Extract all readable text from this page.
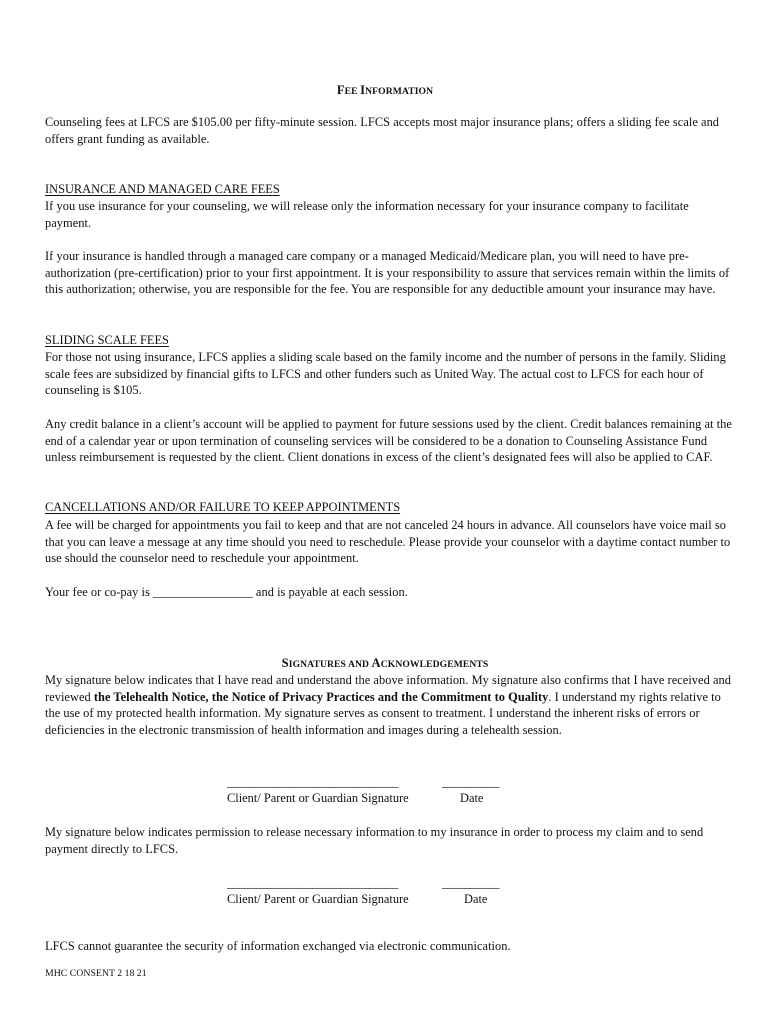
FEE INFORMATION

Counseling fees at LFCS are $105.00 per fifty-minute session. LFCS accepts most major insurance plans; offers a sliding fee scale and offers grant funding as available.

INSURANCE AND MANAGED CARE FEES

If you use insurance for your counseling, we will release only the information necessary for your insurance company to facilitate payment.

If your insurance is handled through a managed care company or a managed Medicaid/Medicare plan, you will need to have pre-authorization (pre-certification) prior to your first appointment. It is your responsibility to assure that services remain within the limits of this authorization; otherwise, you are responsible for the fee. You are responsible for any deductible amount your insurance may have.

SLIDING SCALE FEES

For those not using insurance, LFCS applies a sliding scale based on the family income and the number of persons in the family. Sliding scale fees are subsidized by financial gifts to LFCS and other funders such as United Way. The actual cost to LFCS for each hour of counseling is $105.

Any credit balance in a client’s account will be applied to payment for future sessions used by the client. Credit balances remaining at the end of a calendar year or upon termination of counseling services will be considered to be a donation to Counseling Assistance Fund unless reimbursement is requested by the client. Client donations in excess of the client’s designated fees will also be applied to CAF.

CANCELLATIONS AND/OR FAILURE TO KEEP APPOINTMENTS

A fee will be charged for appointments you fail to keep and that are not canceled 24 hours in advance. All counselors have voice mail so that you can leave a message at any time should you need to reschedule. Please provide your counselor with a daytime contact number to use should the counselor need to reschedule your appointment.

Your fee or co-pay is ________________ and is payable at each session.

SIGNATURES AND ACKNOWLEDGEMENTS

My signature below indicates that I have read and understand the above information. My signature also confirms that I have received and reviewed the Telehealth Notice, the Notice of Privacy Practices and the Commitment to Quality. I understand my rights relative to the use of my protected health information. My signature serves as consent to treatment. I understand the inherent risks of errors or deficiencies in the electronic transmission of health information and images during a telehealth session.

______________________________	__________
Client/ Parent or Guardian Signature	Date

My signature below indicates permission to release necessary information to my insurance in order to process my claim and to send payment directly to LFCS.

______________________________	__________
Client/ Parent or Guardian Signature	Date

LFCS cannot guarantee the security of information exchanged via electronic communication.

MHC CONSENT 2 18 21
